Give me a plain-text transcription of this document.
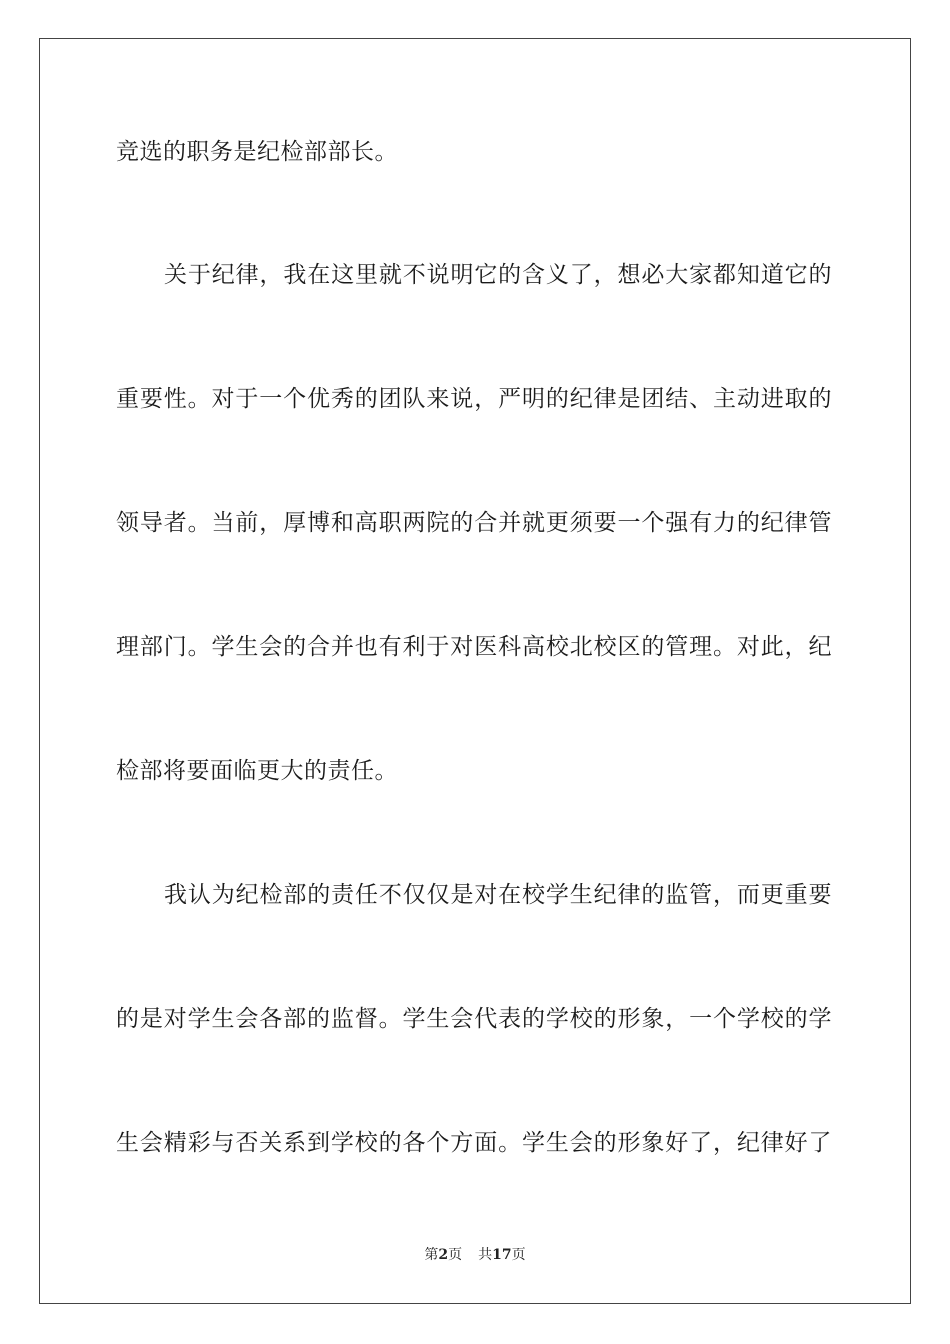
竞选的职务是纪检部部长。
关于纪律，我在这里就不说明它的含义了，想必大家都知道它的
重要性。对于一个优秀的团队来说，严明的纪律是团结、主动进取的
领导者。当前，厚博和高职两院的合并就更须要一个强有力的纪律管
理部门。学生会的合并也有利于对医科高校北校区的管理。对此，纪
检部将要面临更大的责任。
我认为纪检部的责任不仅仅是对在校学生纪律的监管，而更重要
的是对学生会各部的监督。学生会代表的学校的形象，一个学校的学
生会精彩与否关系到学校的各个方面。学生会的形象好了，纪律好了
第2页 共17页
